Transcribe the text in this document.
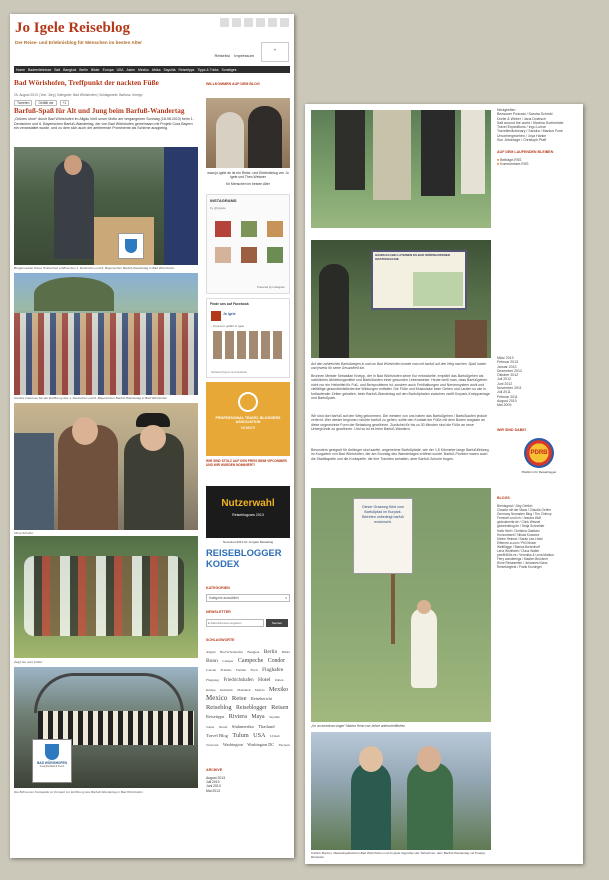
Jo Igele Reiseblog
Der Reise- und Erlebnisblog für Menschen im besten Alter
✈
Reiseblo Impressum
Home Badeerlebnisse Bali Bangkok Berlin Bilder Europa USA Asien Mexiko Afrika Sayulita Reisetipps Tipps & Tricks Sonstiges
Bad Wörishofen, Treffpunkt der nackten Füße
25. August 2013 | Von: Jörg | Kategorie: Bad Wörishofen | Schlagworte: Barfuss, Kneipp
Tweeten	Gefällt mir	+1
Barfuß-Spaß für Alt und Jung beim Barfuß-Wandertag
„Grünes ohne“ durch Bad Wörishofen im Allgäu hieß unser Motto am vergangenen Sonntag (18.08.2013) beim 1. Deutschen und 6. Bayerischen Barfuß-Wandertag, der von Bad Wörishofen gemeinsam mit Projekt Cura Bayern ein veranstaltet wurde, und zu dem sich auch der amtierende Prominente als Schirme ausgiebig.
Bürgermeister Klaus Holetschek eröffnet den 1. Deutschen und 6. Bayerischen Barfuß-Wandertag in Bad Wörishofen
Großes Interesse bei der Eröffnung des 1. Deutschen und 6. Bayerischen Barfuß-Wandertag in Bad Wörishofen
Ohne Schuhe
Zeigt her eure Füße!
BAD WÖRISHOFEN
Kneippheilbad & Kurort
Die Bühne der Kurkapelle im Kurpark zur Eröffnung des Barfuß-Wandertag in Bad Wörishofen
WILLKOMMEN AUF DEM BLOG
www.jo-igele.de ist ein Reise- und Erlebnisblog von Jo Igele und Theo Weisner
für Menschen im besten Alter
INSTAGRAMS
by @joigele
Powered by Instagram
Finde uns auf Facebook
Jo Igele
...Personen gefällt Jo Igele
Soziales Plug-In von Facebook
PROFESSIONAL TRAVEL BLOGGERS ASSOCIATION
MEMBER
WIR SIND STOLZ AUF DEN PREIS BEIM VIPCOMMER UND WIR WURDEN NOMINIERT!
Nutzerwahl
Reiseblogcars 2013
Nominiert 2013 für Jo Igele Reiseblog
REISEBLOGGER KODEX
KATEGORIEN
Kategorie auswählen	▾
NEWSLETTER
E-Mail-Adresse eingeben
Senden
SCHLAGWORTE
Allgäu Bad Wörishofen Bangkok Berlin Bilder Bonn Camper Campeche Condor Cancun Erlebnis Familie Fisch Flughafen Flugzeug Friedrichshafen Hotel Italien Kneipp Kulinarik Mahahual Merida Mexiko Mexico Reise Reisebericht Reiseblog Reiseblogger Reisen Reisetipps Riviera Maya Sayulita Sonne Strand Südamerika Thailand Travel Blog Tulum USA Urlaub Veracruz Washington Washington DC Yucatan
ARCHIVE
August 2013
Juli 2013
Juni 2013
Mai 2013
HÄNDLICH BEI LATEINEN ES BAD WÖRISHOFENER GRATISSCHUHE
Auf den zahlreichen Barfußwegen in und um Bad Wörishofen konnte man mit barfuß auf den Weg machen. Spaß haben und jeweils für seine Gesundheit tun.
Brunnen Meister Sebastian Kneipp, der in Bad Wörishofen seine Kur entwickelte, empfahl das Barfußgehen als natürliches Abhärtungsmittel und Barfußlaufen einer gesunden Lebensweise. Heute weiß man, dass Barfußgehen nicht nur ein Heilmittel für Fuß- und Beinprobleme ist, sondern auch Fehlhaltungen und Nervensystem wohl und vielfältige gesundheitsfördernde Wirkungen entfaltet. Die Füße und Muskulatur beim Gehen und Laufen so wie in fortlaufender Zeiten gehalten, beim Barfuß-Wandertag auf den Barfußpfaden zwischen zwölf Kurpark-Kneippanlage und Barfußpark.
Wir sind dort barfuß auf den Weg gekommen. Die meisten von uns haben das Barfußgehen / Barfußlaufen jedoch verlernt. Wer wieder beginnen möchte barfuß zu gehen, sollte den Kontakt der Füße mit dem Boden langsam an diese ungewohnte Form der Belastung gewöhnen. Zunächst für bis zu 30 Minuten sind die Füße an neue Untergründe zu gewöhnen. Und so ist es beim Barfuß-Wandern.
Besonders geeignet für Anfänger sind sanfte, angenehme Barfußpfade, wie der 1,5 Kilometer lange Barfußfühlweg im Kurgarten von Bad Wörishofen, der am Sonntag des Wandertages eröffnet wurde. Barfuß-Pioniere waren auch die Stadtkapelle und die Kurkapelle, die ihre Trachten anhatten, aber Barfuß-Schuhe trugen.
Dieser Grasweg führt zum Barfußpfad im Kurpark. Betreten unbedingt barfuß erwünscht.
„I'm an american singer“ Marion Henn von Jehne unterschriftlichen
Cathrin Bunten, Marketingdirektorin Bad Wörishofen und Jo Igele begrüßen die Teilnehmer, dem Barfuß-Wandertag mit Kneipp-Rezepten
Neuigkeiten
Bezauner Podcast / Sandra Schmid
Dortle & Weber / Jana Doleisch
Salt around the world / Martina Dorfmeister
Travel Expeditions / Ingo Lohse
Travellerdictionary / Sandra / Markus Funk
Unvorhergesehen / Joya Hanke
Sun Jetvintage / Christoph Pfaff
AUF DEM LAUFENDEN BLEIBEN
■ Beiträge-RSS
■ Kommentare-RSS
März 2013
Februar 2013
Januar 2013
Dezember 2012
Oktober 2012
Juli 2012
Juni 2012
November 2011
Juli 2011
Februar 2011
August 2010
Mai 2009
WIR SIND DABEI
PDRB
Plattform für Reiseblogger
BLOGS
Brentsgrad / Jörg Gerlich
Claudia mit der Maus / Claudia Oehler
Germany Nomaden Blog / Tim Chimoy
Fernweh und ich / Jessica Wolf
globusbreite.de / Chris Wessel
globetrotting.de / Tanja Schneider
Hallo Welt / Christina Gladtani
Horizontweit / Nikola Kowarze
Kleine Heimat / Sarah Lee-Holst
Eifernen-a.com / Phil Moser
Weltflügge / Bianca Bodenhoff
Lena Wohlfahrt / Claus Walter
pixel5460x.es / Veronika & Lena Markus
Fiery wanderings / Madlen Brückner
Ruhe Reiseseiten / Johannes Klaus
Reiseblogfest / Frank Kroninger
